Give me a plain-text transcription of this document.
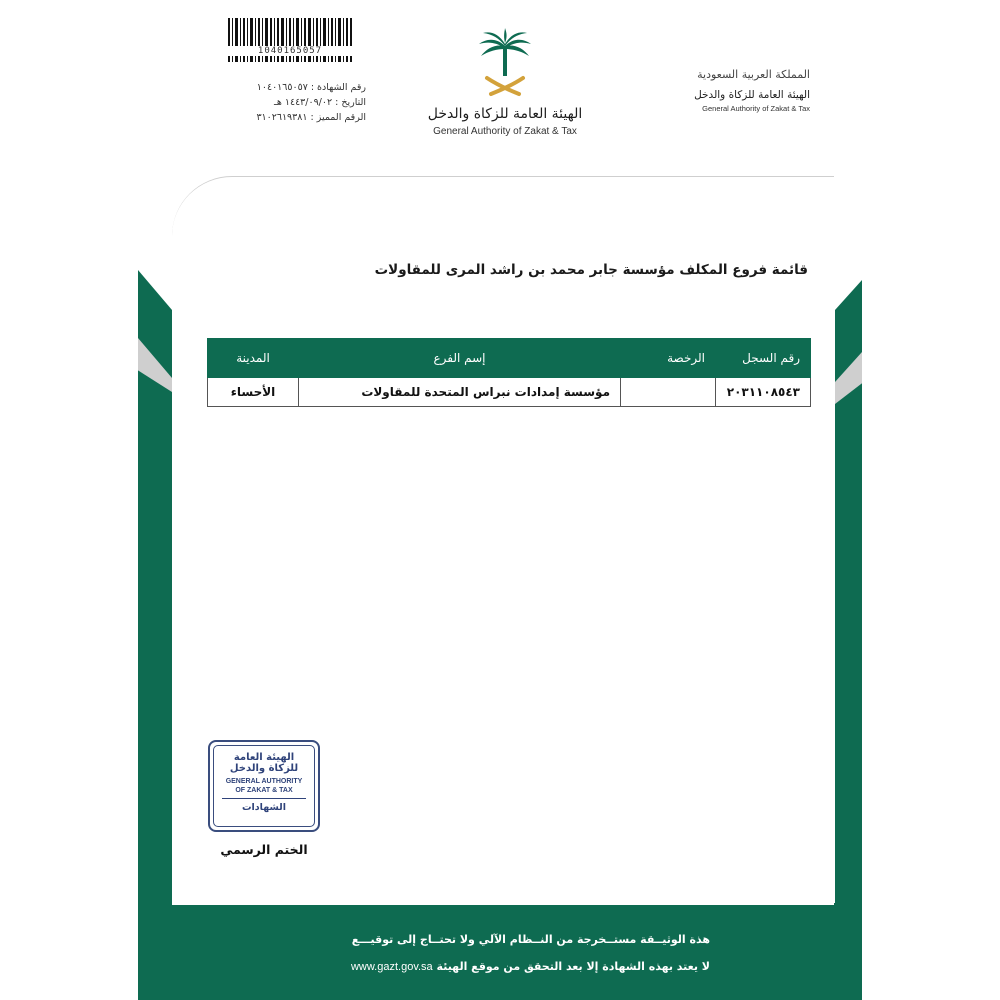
1040165057
رقم الشهادة : ١٠٤٠١٦٥٠٥٧
التاريخ : ١٤٤٣/٠٩/٠٢ هـ
الرقم المميز : ٣١٠٢٦١٩٣٨١	الهيئة العامة للزكاة والدخل
General Authority of Zakat & Tax
المملكة العربية السعودية
الهيئة العامة للزكاة والدخل
General Authority of Zakat & Tax
قائمة فروع المكلف مؤسسة جابر محمد بن راشد المرى للمقاولات
رقم السجل	الرخصة	إسم الفرع	المدينة
٢٠٣١١٠٨٥٤٣		مؤسسة إمدادات نبراس المتحدة للمقاولات	الأحساء
الهيئة العامة
للزكاة والدخل
GENERAL AUTHORITY
OF ZAKAT & TAX
الشهادات
الختم الرسمي
هذة الوثيــقة مستــخرجة من النــظام الآلي ولا تحتــاج إلى توقيـــع
لا يعتد بهذه الشهادة إلا بعد التحقق من موقع الهيئة www.gazt.gov.sa
